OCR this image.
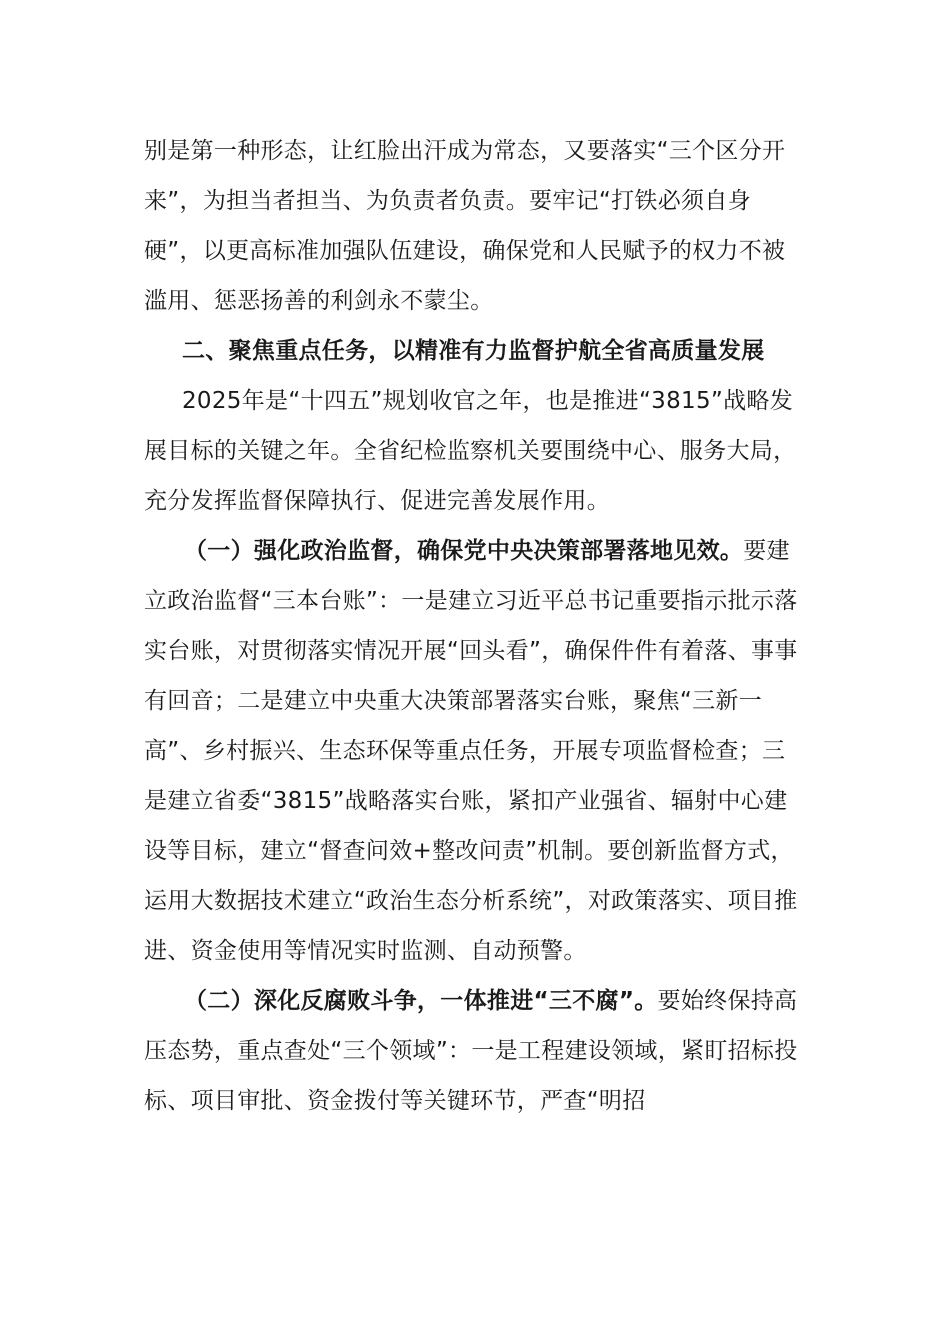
别是第一种形态，让红脸出汗成为常态，又要落实“三个区分开来”，为担当者担当、为负责者负责。要牢记“打铁必须自身硬”，以更高标准加强队伍建设，确保党和人民赋予的权力不被滥用、惩恶扬善的利剑永不蒙尘。

二、聚焦重点任务，以精准有力监督护航全省高质量发展

2025年是“十四五”规划收官之年，也是推进“3815”战略发展目标的关键之年。全省纪检监察机关要围绕中心、服务大局，充分发挥监督保障执行、促进完善发展作用。

（一）强化政治监督，确保党中央决策部署落地见效。要建立政治监督“三本台账”：一是建立习近平总书记重要指示批示落实台账，对贯彻落实情况开展“回头看”，确保件件有着落、事事有回音；二是建立中央重大决策部署落实台账，聚焦“三新一高”、乡村振兴、生态环保等重点任务，开展专项监督检查；三是建立省委“3815”战略落实台账，紧扣产业强省、辐射中心建设等目标，建立“督查问效+整改问责”机制。要创新监督方式，运用大数据技术建立“政治生态分析系统”，对政策落实、项目推进、资金使用等情况实时监测、自动预警。

（二）深化反腐败斗争，一体推进“三不腐”。要始终保持高压态势，重点查处“三个领域”：一是工程建设领域，紧盯招标投标、项目审批、资金拨付等关键环节，严查“明招
